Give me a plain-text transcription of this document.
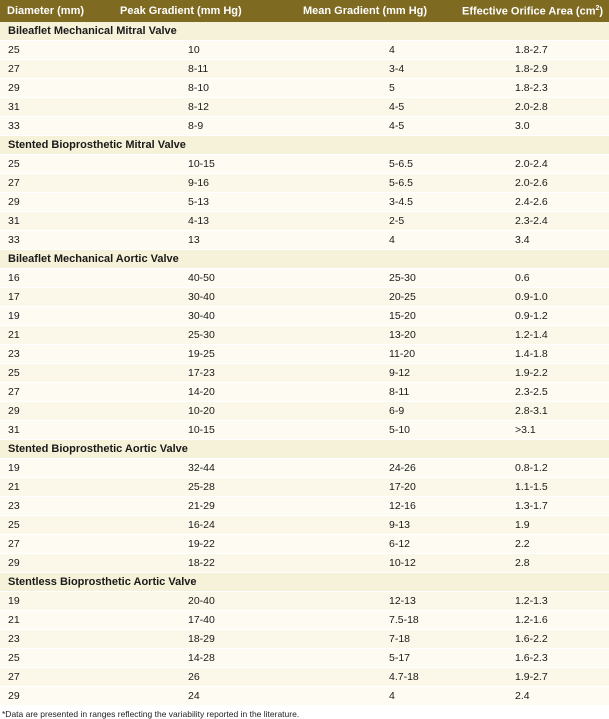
Diameter (mm)	Peak Gradient (mm Hg)	Mean Gradient (mm Hg)	Effective Orifice Area $(cm^2)$
Bileaflet Mechanical Mitral Valve			
25	10	4	1.8-2.7
27	8-11	3-4	1.8-2.9
29	8-10	5	1.8-2.3
31	8-12	4-5	2.0-2.8
33	8-9	4-5	3.0
Stented Bioprosthetic Mitral Valve			
25	10-15	5-6.5	2.0-2.4
27	9-16	5-6.5	2.0-2.6
29	5-13	3-4.5	2.4-2.6
31	4-13	2-5	2.3-2.4
33	13	4	3.4
Bileaflet Mechanical Aortic Valve			
16	40-50	25-30	0.6
17	30-40	20-25	0.9-1.0
19	30-40	15-20	0.9-1.2
21	25-30	13-20	1.2-1.4
23	19-25	11-20	1.4-1.8
25	17-23	9-12	1.9-2.2
27	14-20	8-11	2.3-2.5
29	10-20	6-9	2.8-3.1
31	10-15	5-10	>3.1
Stented Bioprosthetic Aortic Valve			
19	32-44	24-26	0.8-1.2
21	25-28	17-20	1.1-1.5
23	21-29	12-16	1.3-1.7
25	16-24	9-13	1.9
27	19-22	6-12	2.2
29	18-22	10-12	2.8
Stentless Bioprosthetic Aortic Valve			
19	20-40	12-13	1.2-1.3
21	17-40	7.5-18	1.2-1.6
23	18-29	7-18	1.6-2.2
25	14-28	5-17	1.6-2.3
27	26	4.7-18	1.9-2.7
29	24	4	2.4
*Data are presented in ranges reflecting the variability reported in the literature.
